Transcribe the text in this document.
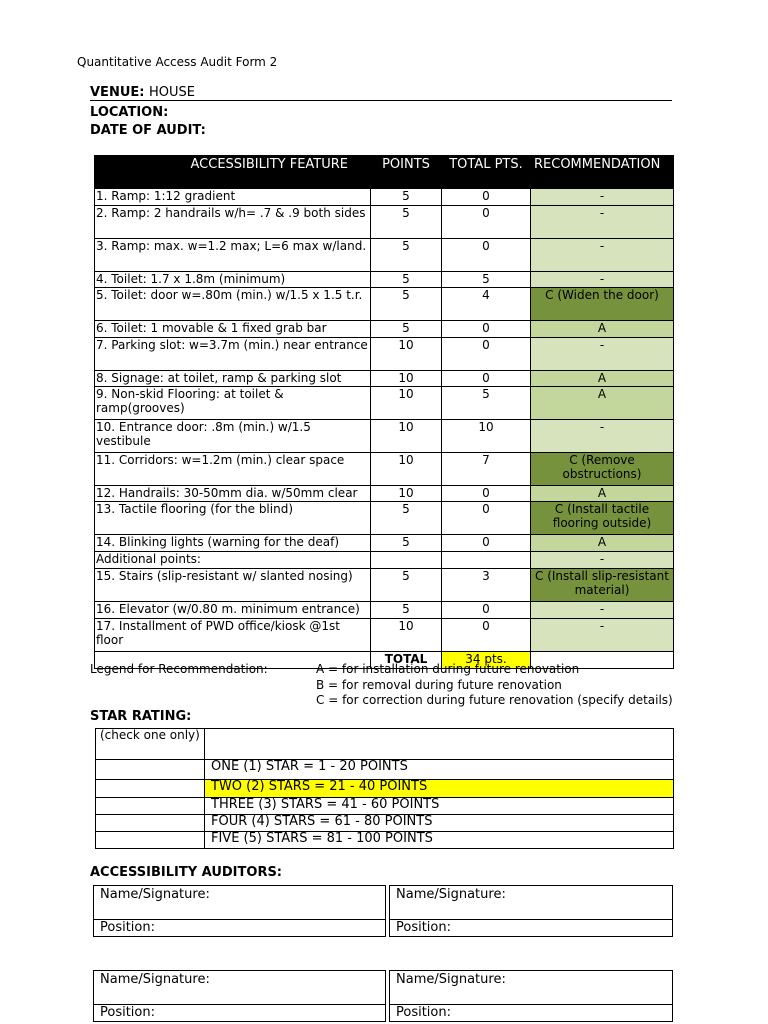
Quantitative Access Audit Form 2
VENUE: HOUSE
LOCATION:
DATE OF AUDIT:
ACCESSIBILITY FEATURE	POINTS	TOTAL PTS.	RECOMMENDATION
1. Ramp: 1:12 gradient	5	0	-
2. Ramp: 2 handrails w/h= .7 & .9 both sides	5	0	-
3. Ramp: max. w=1.2 max; L=6 max w/land.	5	0	-
4. Toilet: 1.7 x 1.8m (minimum)	5	5	-
5. Toilet: door w=.80m (min.) w/1.5 x 1.5 t.r.	5	4	C (Widen the door)
6. Toilet: 1 movable & 1 fixed grab bar	5	0	A
7. Parking slot: w=3.7m (min.) near entrance	10	0	-
8. Signage: at toilet, ramp & parking slot	10	0	A
9. Non-skid Flooring: at toilet & ramp(grooves)	10	5	A
10. Entrance door: .8m (min.) w/1.5 vestibule	10	10	-
11. Corridors: w=1.2m (min.) clear space	10	7	C (Remove obstructions)
12. Handrails: 30-50mm dia. w/50mm clear	10	0	A
13. Tactile flooring (for the blind)	5	0	C (Install tactile flooring outside)
14. Blinking lights (warning for the deaf)	5	0	A
Additional points:			-
15. Stairs (slip-resistant w/ slanted nosing)	5	3	C (Install slip-resistant material)
16. Elevator (w/0.80 m. minimum entrance)	5	0	-
17. Installment of PWD office/kiosk @1st floor	10	0	-
	TOTAL	34 pts.	
Legend for Recommendation:	A = for installation during future renovation
B = for removal during future renovation
C = for correction during future renovation (specify details)
STAR RATING:
(check one only)	
	ONE (1) STAR = 1 - 20 POINTS
	TWO (2) STARS = 21 - 40 POINTS
	THREE (3) STARS = 41 - 60 POINTS
	FOUR (4) STARS = 61 - 80 POINTS
	FIVE (5) STARS = 81 - 100 POINTS
ACCESSIBILITY AUDITORS:
Name/Signature:
Position:
Name/Signature:
Position:
Name/Signature:
Position:
Name/Signature:
Position:
